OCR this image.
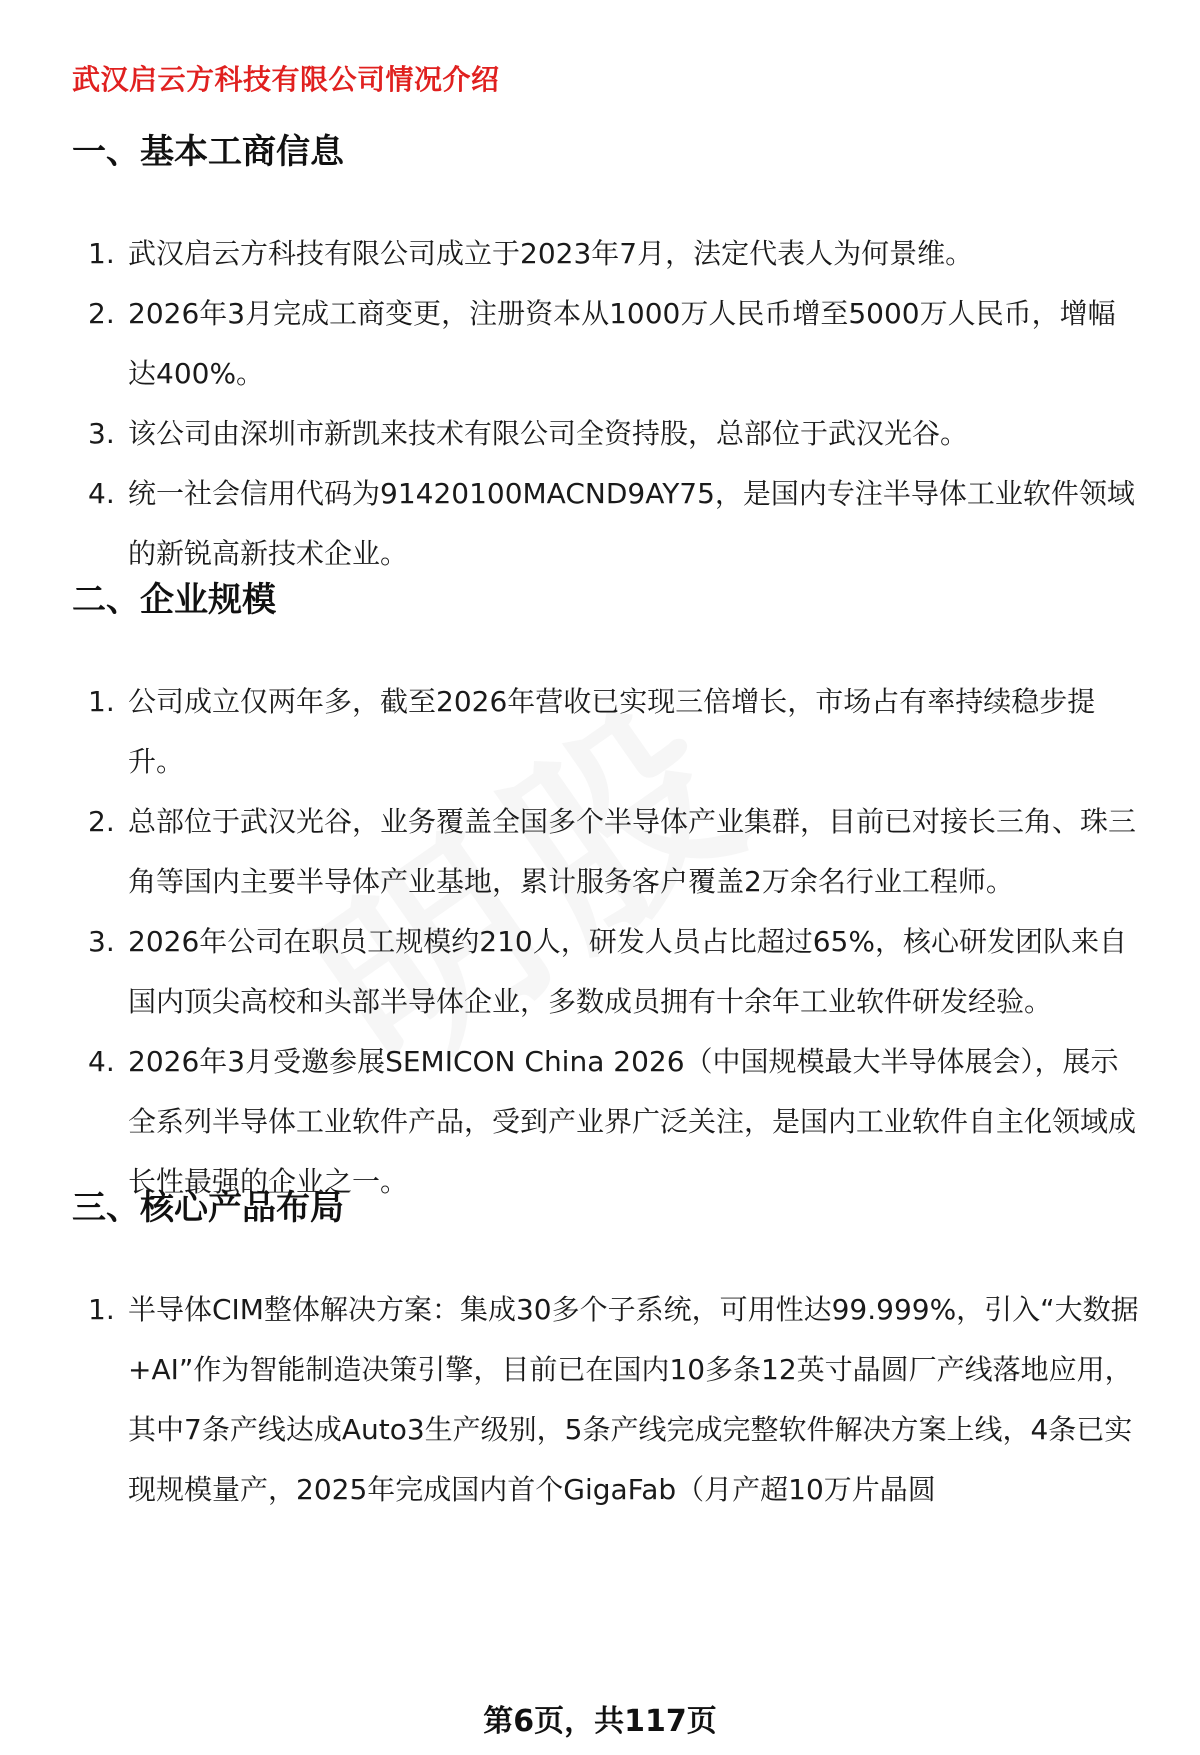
武汉启云方科技有限公司情况介绍
一、基本工商信息
1. 武汉启云方科技有限公司成立于2023年7月，法定代表人为何景维。
2. 2026年3月完成工商变更，注册资本从1000万人民币增至5000万人民币，增幅达400%。
3. 该公司由深圳市新凯来技术有限公司全资持股，总部位于武汉光谷。
4. 统一社会信用代码为91420100MACND9AY75，是国内专注半导体工业软件领域的新锐高新技术企业。
二、企业规模
1. 公司成立仅两年多，截至2026年营收已实现三倍增长，市场占有率持续稳步提升。
2. 总部位于武汉光谷，业务覆盖全国多个半导体产业集群，目前已对接长三角、珠三角等国内主要半导体产业基地，累计服务客户覆盖2万余名行业工程师。
3. 2026年公司在职员工规模约210人，研发人员占比超过65%，核心研发团队来自国内顶尖高校和头部半导体企业，多数成员拥有十余年工业软件研发经验。
4. 2026年3月受邀参展SEMICON China 2026（中国规模最大半导体展会），展示全系列半导体工业软件产品，受到产业界广泛关注，是国内工业软件自主化领域成长性最强的企业之一。
三、核心产品布局
1. 半导体CIM整体解决方案：集成30多个子系统，可用性达99.999%，引入“大数据+AI”作为智能制造决策引擎，目前已在国内10多条12英寸晶圆厂产线落地应用，其中7条产线达成Auto3生产级别，5条产线完成完整软件解决方案上线，4条已实现规模量产，2025年完成国内首个GigaFab（月产超10万片晶圆
第6页，共117页
